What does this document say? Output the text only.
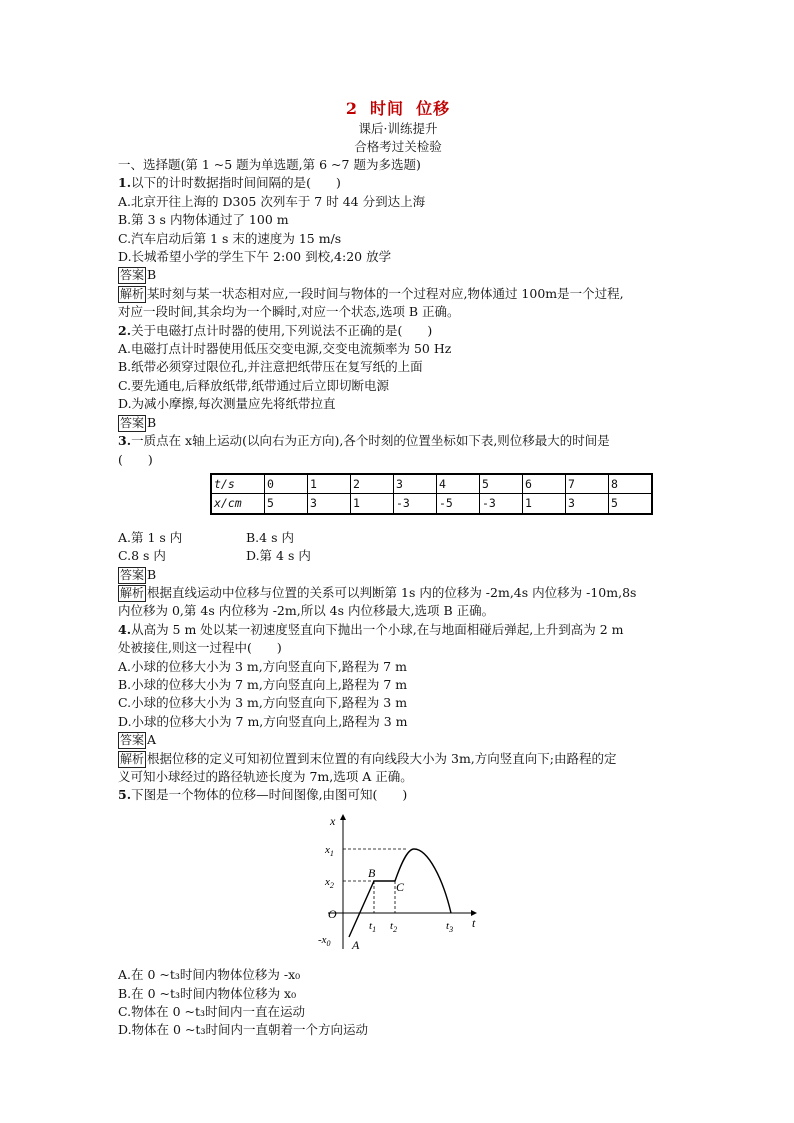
2 时间 位移
课后·训练提升
合格考过关检验
一、选择题(第 1 ~5 题为单选题,第 6 ~7 题为多选题)
1.以下的计时数据指时间间隔的是(　　)
A.北京开往上海的 D305 次列车于 7 时 44 分到达上海
B.第 3 s 内物体通过了 100 m
C.汽车启动后第 1 s 末的速度为 15 m/s
D.长城希望小学的学生下午 2:00 到校,4:20 放学
答案 B
解析 某时刻与某一状态相对应,一段时间与物体的一个过程对应,物体通过 100m是一个过程,
对应一段时间,其余均为一个瞬时,对应一个状态,选项 B 正确。
2.关于电磁打点计时器的使用,下列说法不正确的是(　　)
A.电磁打点计时器使用低压交变电源,交变电流频率为 50 Hz
B.纸带必须穿过限位孔,并注意把纸带压在复写纸的上面
C.要先通电,后释放纸带,纸带通过后立即切断电源
D.为减小摩擦,每次测量应先将纸带拉直
答案 B
3.一质点在 x轴上运动(以向右为正方向),各个时刻的位置坐标如下表,则位移最大的时间是
(　　)
t/s	0	1	2	3	4	5	6	7	8
x/cm	5	3	1	-3	-5	-3	1	3	5
A.第 1 s 内	B.4 s 内
C.8 s 内	D.第 4 s 内
答案 B
解析 根据直线运动中位移与位置的关系可以判断第 1s 内的位移为 -2m,4s 内位移为 -10m,8s
内位移为 0,第 4s 内位移为 -2m,所以 4s 内位移最大,选项 B 正确。
4.从高为 5 m 处以某一初速度竖直向下抛出一个小球,在与地面相碰后弹起,上升到高为 2 m
处被接住,则这一过程中(　　)
A.小球的位移大小为 3 m,方向竖直向下,路程为 7 m
B.小球的位移大小为 7 m,方向竖直向上,路程为 7 m
C.小球的位移大小为 3 m,方向竖直向下,路程为 3 m
D.小球的位移大小为 7 m,方向竖直向上,路程为 3 m
答案 A
解析 根据位移的定义可知初位置到末位置的有向线段大小为 3m,方向竖直向下;由路程的定
义可知小球经过的路径轨迹长度为 7m,选项 A 正确。
5.下图是一个物体的位移—时间图像,由图可知(　　)
x
t
O
$x_1$
$x_2$
$-x_0$
$t_1$ $t_2$	$t_3$
A
B
C
A.在 0 ~t₃时间内物体位移为 -x₀
B.在 0 ~t₃时间内物体位移为 x₀
C.物体在 0 ~t₃时间内一直在运动
D.物体在 0 ~t₃时间内一直朝着一个方向运动
